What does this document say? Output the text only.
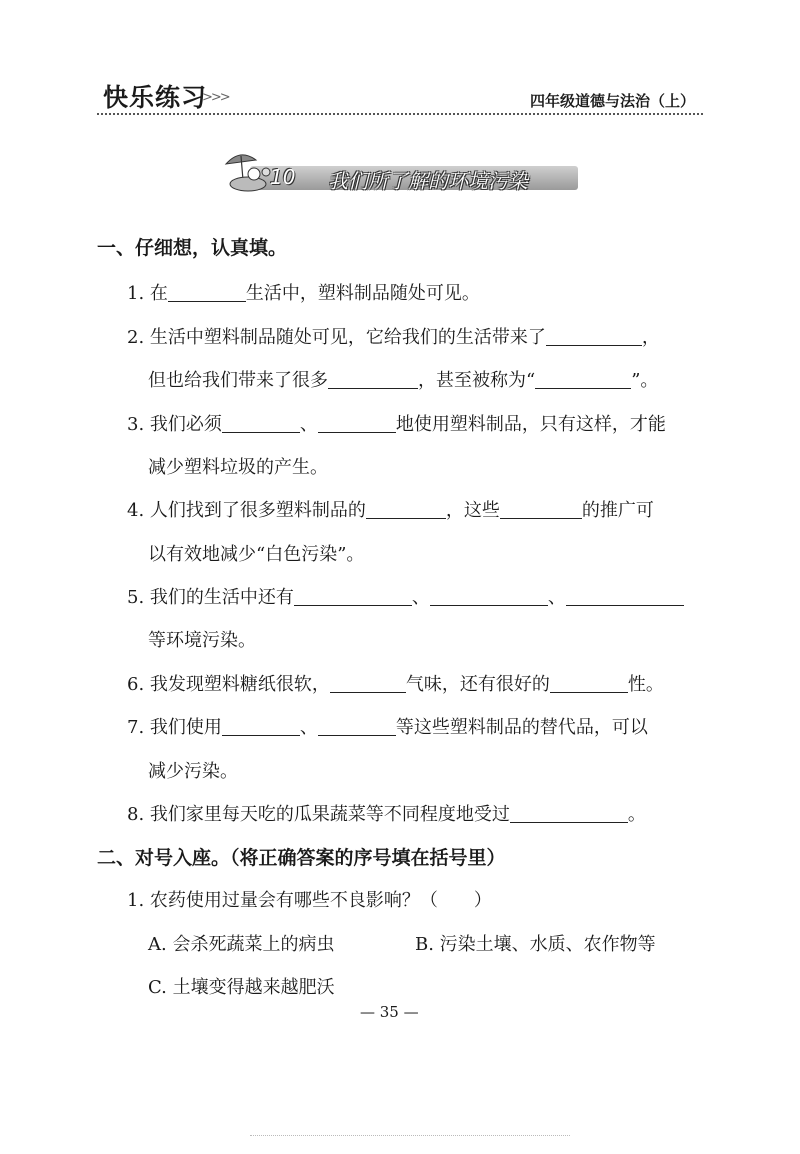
快乐练习
>>>	四年级道德与法治（上）
10 我们所了解的环境污染
一、仔细想，认真填。
1. 在	生活中，塑料制品随处可见。
2. 生活中塑料制品随处可见，它给我们的生活带来了	，
但也给我们带来了很多	，甚至被称为“	”。
3. 我们必须	、	地使用塑料制品，只有这样，才能
减少塑料垃圾的产生。
4. 人们找到了很多塑料制品的	，这些	的推广可
以有效地减少“白色污染”。
5. 我们的生活中还有	、	、
等环境污染。
6. 我发现塑料糖纸很软，	气味，还有很好的	性。
7. 我们使用	、	等这些塑料制品的替代品，可以
减少污染。
8. 我们家里每天吃的瓜果蔬菜等不同程度地受过	。
二、对号入座。（将正确答案的序号填在括号里）
1. 农药使用过量会有哪些不良影响？（　　）
A. 会杀死蔬菜上的病虫	B. 污染土壤、水质、农作物等
C. 土壤变得越来越肥沃
— 35 —
